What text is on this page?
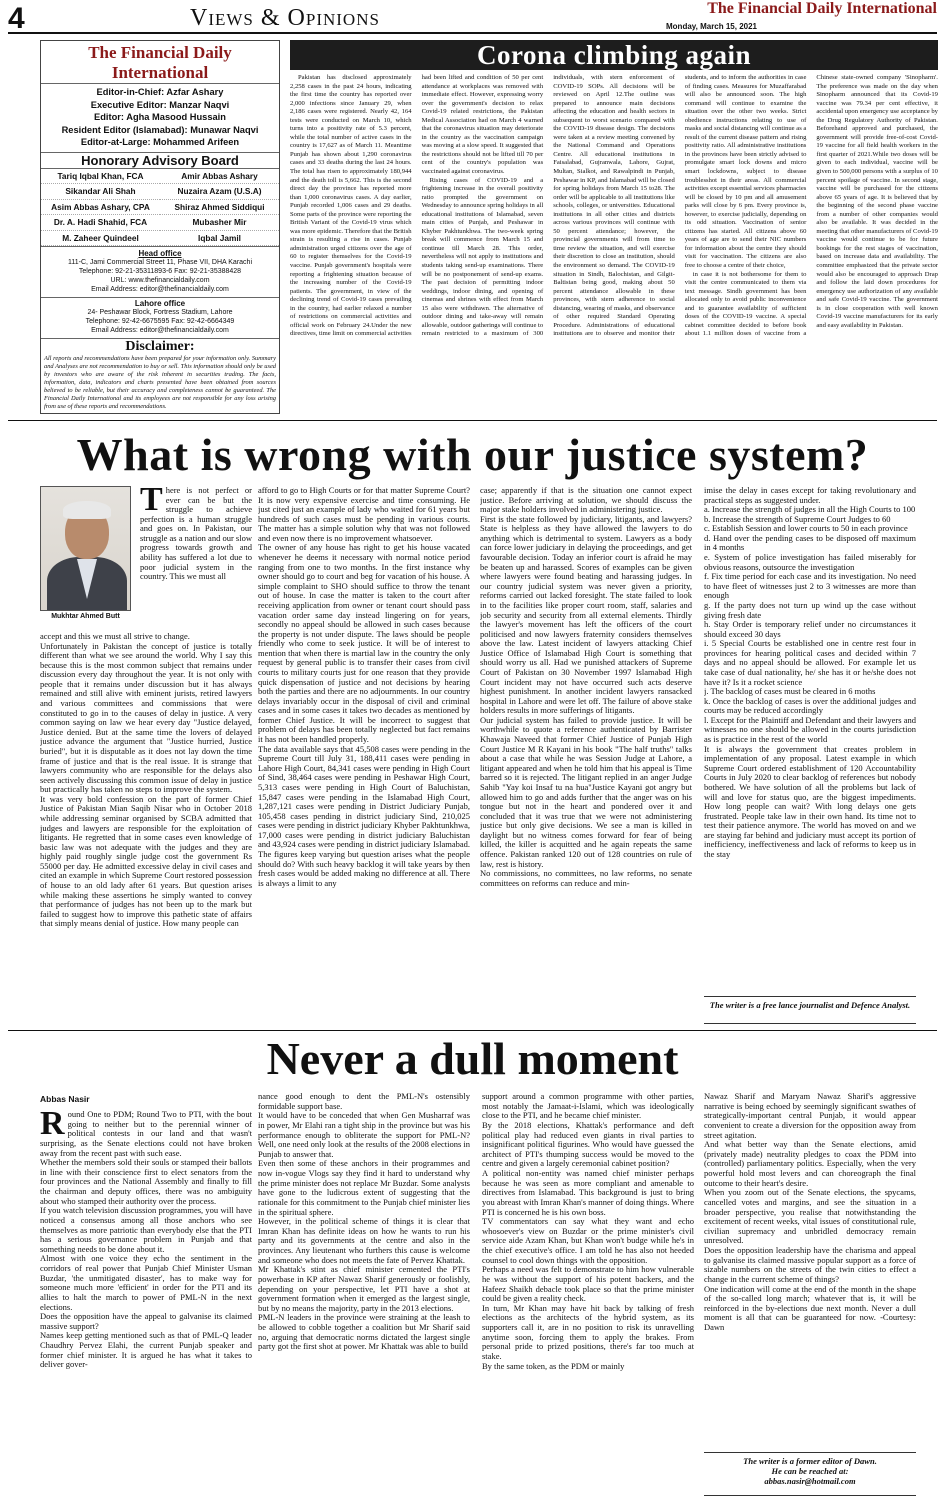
4	Views & Opinions	The Financial Daily International
Monday, March 15, 2021
The Financial Daily International
Editor-in-Chief: Azfar Ashary
Executive Editor: Manzar Naqvi
Editor: Agha Masood Hussain
Resident Editor (Islamabad): Munawar Naqvi
Editor-at-Large: Mohammed Arifeen
Honorary Advisory Board
Tariq Iqbal Khan, FCA	Amir Abbas Ashary
Sikandar Ali Shah	Nuzaira Azam (U.S.A)
Asim Abbas Ashary, CPA	Shiraz Ahmed Siddiqui
Dr. A. Hadi Shahid, FCA	Mubasher Mir
M. Zaheer Quindeel	Iqbal Jamil
Head office
111-C, Jami Commercial Street 11, Phase VII, DHA Karachi
Telephone: 92-21-35311893-6 Fax: 92-21-35388428
URL: www.thefinancialdaily.com
Email Address: editor@thefinancialdaily.com
Lahore office
24- Peshawar Block, Fortress Stadium, Lahore
Telephone: 92-42-6675595 Fax: 92-42-6664349
Email Address: editor@thefinancialdaily.com
Disclaimer:
All reports and recommendations have been prepared for your information only. Summary and Analyses are not recommendation to buy or sell. This information should only be used by investors who are aware of the risk inherent in securities trading. The facts, information, data, indicators and charts presented have been obtained from sources believed to be reliable, but their accuracy and completeness cannot be guaranteed. The Financial Daily International and its employees are not responsible for any loss arising from use of these reports and recommendations.
Corona climbing again

Pakistan has disclosed approximately 2,258 cases in the past 24 hours, indicating the first time the country has reported over 2,000 infections since January 29, when 2,186 cases were registered. Nearly 42, 164 tests were conducted on March 10, which turns into a positivity rate of 5.3 percent, while the total number of active cases in the country is 17,627 as of March 11. Meantime Punjab has shown about 1,290 coronavirus cases and 33 deaths during the last 24 hours. The total has risen to approximately 180,944 and the death toll is 5,662. This is the second direct day the province has reported more than 1,000 coronavirus cases. A day earlier, Punjab recorded 1,006 cases and 29 deaths. Some parts of the province were reporting the British Variant of the Covid-19 virus which was more epidemic. Therefore that the British strain is resulting a rise in cases. Punjab administration urged citizens over the age of 60 to register themselves for the Covid-19 vaccine. Punjab government's hospitals were reporting a frightening situation because of the increasing number of the Covid-19 patients. The government, in view of the declining trend of Covid-19 cases prevailing in the country, had earlier relaxed a number of restrictions on commercial activities and official work on February 24.Under the new directives, time limit on commercial activities had been lifted and condition of 50 per cent attendance at workplaces was removed with immediate effect. However, expressing worry over the government's decision to relax Covid-19 related restrictions, the Pakistan Medical Association had on March 4 warned that the coronavirus situation may deteriorate in the country as the vaccination campaign was moving at a slow speed. It suggested that the restrictions should not be lifted till 70 per cent of the country's population was vaccinated against coronavirus.

Rising cases of COVID-19 and a frightening increase in the overall positivity ratio prompted the government on Wednesday to announce spring holidays in all educational institutions of Islamabad, seven main cities of Punjab, and Peshawar in Khyber Pakhtunkhwa. The two-week spring break will commence from March 15 and continue till March 28. This order, nevertheless will not apply to institutions and students taking send-up examinations. There will be no postponement of send-up exams. The past decision of permitting indoor weddings, indoor dining, and opening of cinemas and shrines with effect from March 15 also were withdrawn. The alternative of outdoor dining and take-away will remain allowable, outdoor gatherings will continue to remain restricted to a maximum of 300 individuals, with stern enforcement of COVID-19 SOPs. All decisions will be reviewed on April 12.The outline was prepared to announce main decisions affecting the education and health sectors in subsequent to worst scenario compared with the COVID-19 disease design. The decisions were taken at a review meeting convened by the National Command and Operations Centre. All educational institutions in Faisalabad, Gujranwala, Lahore, Gujrat, Multan, Sialkot, and Rawalpindi in Punjab, Peshawar in KP, and Islamabad will be closed for spring holidays from March 15 to28. The order will be applicable to all institutions like schools, colleges, or universities. Educational institutions in all other cities and districts across various provinces will continue with 50 percent attendance; however, the provincial governments will from time to time review the situation, and will exercise their discretion to close an institution, should the environment so demand. The COVID-19 situation in Sindh, Balochistan, and Gilgit-Baltistan being good, making about 50 percent attendance allowable in these provinces, with stern adherence to social distancing, wearing of masks, and observance of other required Standard Operating Procedure. Administrations of educational institutions are to observe and monitor their students, and to inform the authorities in case of finding cases. Measures for Muzaffarabad will also be announced soon. The high command will continue to examine the situation over the other two weeks. Strict obedience instructions relating to use of masks and social distancing will continue as a result of the current disease pattern and rising positivity ratio. All administrative institutions in the provinces have been strictly advised to promulgate smart lock downs and micro smart lockdowns, subject to disease troublesshot in their areas. All commercial activities except essential services pharmacies will be closed by 10 pm and all amusement parks will close by 6 pm. Every province is, however, to exercise judicially, depending on its odd situation. Vaccination of senior citizens has started. All citizens above 60 years of age are to send their NIC numbers for information about the centre they should visit for vaccination. The citizens are also free to choose a centre of their choice,

in case it is not bothersome for them to visit the centre communicated to them via text message. Sindh government has been allocated only to avoid public inconvenience and to guarantee availability of sufficient doses of the COVID-19 vaccine. A special cabinet committee decided to before book about 1.1 million doses of vaccine from a Chinese state-owned company 'Sinopharm'. The preference was made on the day when Sinopharm announced that its Covid-19 vaccine was 79.34 per cent effective, it accidental upon emergency use acceptance by the Drug Regulatory Authority of Pakistan. Beforehand approved and purchased, the government will provide free-of-cost Covid-19 vaccine for all field health workers in the first quarter of 2021.While two doses will be given to each individual, vaccine will be given to 500,000 persons with a surplus of 10 percent spoilage of vaccine. In second stage, vaccine will be purchased for the citizens above 65 years of age. It is believed that by the beginning of the second phase vaccine from a number of other companies would also be available. It was decided in the meeting that other manufacturers of Covid-19 vaccine would continue to be for future bookings for the rest stages of vaccination, based on increase data and availability. The committee emphasized that the private sector would also be encouraged to approach Drap and follow the laid down procedures for emergency use authorization of any available and safe Covid-19 vaccine. The government is in close cooperation with well known Covid-19 vaccine manufacturers for its early and easy availability in Pakistan.

What is wrong with our justice system?
Mukhtar Ahmed Butt
There is not perfect or ever can be but the struggle to achieve perfection is a human struggle and goes on. In Pakistan, our struggle as a nation and our slow progress towards growth and ability has suffered a lot due to poor judicial system in the country. This we must all
accept and this we must all strive to change.
Unfortunately in Pakistan the concept of justice is totally different than what we see around the world. Why I say this because this is the most common subject that remains under discussion every day throughout the year. It is not only with people that it remains under discussion but it has always remained and still alive with eminent jurists, retired lawyers and various committees and commissions that were constituted to go in to the causes of delay in justice. A very common saying on law we hear every day "Justice delayed, Justice denied. But at the same time the lovers of delayed justice advance the argument that "Justice hurried, Justice buried", but it is disputable as it does not lay down the time frame of justice and that is the real issue. It is strange that lawyers community who are responsible for the delays also seen actively discussing this common issue of delay in justice but practically has taken no steps to improve the system.
It was very bold confession on the part of former Chief Justice of Pakistan Mian Saqib Nisar who in October 2018 while addressing seminar organised by SCBA admitted that judges and lawyers are responsible for the exploitation of litigants. He regretted that in some cases even knowledge of basic law was not adequate with the judges and they are highly paid roughly single judge cost the government Rs 55000 per day. He admitted excessive delay in civil cases and cited an example in which Supreme Court restored possession of house to an old lady after 61 years. But question arises while making these assertions he simply wanted to convey that performance of judges has not been up to the mark but failed to suggest how to improve this pathetic state of affairs that simply means denial of justice. How many people can
afford to go to High Courts or for that matter Supreme Court? It is now very expensive exercise and time consuming. He just cited just an example of lady who waited for 61 years but hundreds of such cases must be pending in various courts. The matter has a simple solution why that was not followed and even now there is no improvement whatsoever.
The owner of any house has right to get his house vacated whenever he deems it necessary with normal notice period ranging from one to two months. In the first instance why owner should go to court and beg for vacation of his house. A simple complaint to SHO should suffice to throw the tenant out of house. In case the matter is taken to the court after receiving application from owner or tenant court should pass vacation order same day instead lingering on for years, secondly no appeal should be allowed in such cases because the property is not under dispute. The laws should be people friendly who come to seek justice. It will be of interest to mention that when there is martial law in the country the only request by general public is to transfer their cases from civil courts to military courts just for one reason that they provide quick dispensation of justice and not decisions by hearing both the parties and there are no adjournments. In our country delays invariably occur in the disposal of civil and criminal cases and in some cases it takes two decades as mentioned by former Chief Justice. It will be incorrect to suggest that problem of delays has been totally neglected but fact remains it has not been handled properly.
The data available says that 45,508 cases were pending in the Supreme Court till July 31, 188,411 cases were pending in Lahore High Court, 84,341 cases were pending in High Court of Sind, 38,464 cases were pending in Peshawar High Court, 5,313 cases were pending in High Court of Baluchistan, 15,847 cases were pending in the Islamabad High Court, 1,287,121 cases were pending in District Judiciary Punjab, 105,458 cases pending in district judiciary Sind, 210,025 cases were pending in district judiciary Khyber Pakhtunkhwa, 17,000 cases were pending in district judiciary Baluchistan and 43,924 cases were pending in district judiciary Islamabad. The figures keep varying but question arises what the people should do? With such heavy backlog it will take years by then fresh cases would be added making no difference at all. There is always a limit to any
case; apparently if that is the situation one cannot expect justice. Before arriving at solution, we should discuss the major stake holders involved in administering justice.
First is the state followed by judiciary, litigants, and lawyers? State is helpless as they have allowed the lawyers to do anything which is detrimental to system. Lawyers as a body can force lower judiciary in delaying the proceedings, and get favourable decision. Today an inferior court is afraid he may be beaten up and harassed. Scores of examples can be given where lawyers were found beating and harassing judges. In our country judicial system was never given a priority, reforms carried out lacked foresight. The state failed to look in to the facilities like proper court room, staff, salaries and job security and security from all external elements. Thirdly the lawyer's movement has left the officers of the court politicised and now lawyers fraternity considers themselves above the law. Latest incident of lawyers attacking Chief Justice Office of Islamabad High Court is something that should worry us all. Had we punished attackers of Supreme Court of Pakistan on 30 November 1997 Islamabad High Court incident may not have occurred such acts deserve highest punishment. In another incident lawyers ransacked hospital in Lahore and were let off. The failure of above stake holders results in more sufferings of litigants.
Our judicial system has failed to provide justice. It will be worthwhile to quote a reference authenticated by Barrister Khawaja Naveed that former Chief Justice of Punjab High Court Justice M R Kayani in his book "The half truths" talks about a case that while he was Session Judge at Lahore, a litigant appeared and when he told him that his appeal is Time barred so it is rejected. The litigant replied in an anger Judge Sahib "Yay koi Insaf tu na hua"Justice Kayani got angry but allowed him to go and adds further that the anger was on his tongue but not in the heart and pondered over it and concluded that it was true that we were not administering justice but only give decisions. We see a man is killed in daylight but no witness comes forward for fear of being killed, the killer is acquitted and he again repeats the same offence. Pakistan ranked 120 out of 128 countries on rule of law, rest is history.
No commissions, no committees, no law reforms, no senate committees on reforms can reduce and min-
imise the delay in cases except for taking revolutionary and practical steps as suggested under.
a. Increase the strength of judges in all the High Courts to 100
b. Increase the strength of Supreme Court Judges to 60
c. Establish Session and lower courts to 50 in each province
d. Hand over the pending cases to be disposed off maximum in 4 months
e. System of police investigation has failed miserably for obvious reasons, outsource the investigation
f. Fix time period for each case and its investigation. No need to have fleet of witnesses just 2 to 3 witnesses are more than enough
g. If the party does not turn up wind up the case without giving fresh date
h. Stay Order is temporary relief under no circumstances it should exceed 30 days
i. 5 Special Courts be established one in centre rest four in provinces for hearing political cases and decided within 7 days and no appeal should be allowed. For example let us take case of dual nationality, he/ she has it or he/she does not have it? Is it a rocket science
j. The backlog of cases must be cleared in 6 moths
k. Once the backlog of cases is over the additional judges and courts may be reduced accordingly
l. Except for the Plaintiff and Defendant and their lawyers and witnesses no one should be allowed in the courts jurisdiction as is practice in the rest of the world
It is always the government that creates problem in implementation of any proposal. Latest example in which Supreme Court ordered establishment of 120 Accountability Courts in July 2020 to clear backlog of references but nobody bothered. We have solution of all the problems but lack of will and love for status quo, are the biggest impediments. How long people can wait? With long delays one gets frustrated. People take law in their own hand. Its time not to test their patience anymore. The world has moved on and we are staying far behind and judiciary must accept its portion of inefficiency, ineffectiveness and lack of reforms to keep us in the stay
The writer is a free lance journalist and Defence Analyst.
Never a dull moment
Abbas Nasir
Round One to PDM; Round Two to PTI, with the bout going to neither but to the perennial winner of political contests in our land and that wasn't surprising, as the Senate elections could not have broken away from the recent past with such ease.
Whether the members sold their souls or stamped their ballots in line with their conscience first to elect senators from the four provinces and the National Assembly and finally to fill the chairman and deputy offices, there was no ambiguity about who stamped their authority over the process.
If you watch television discussion programmes, you will have noticed a consensus among all those anchors who see themselves as more patriotic than everybody else that the PTI has a serious governance problem in Punjab and that something needs to be done about it.
Almost with one voice they echo the sentiment in the corridors of real power that Punjab Chief Minister Usman Buzdar, 'the unmitigated disaster', has to make way for someone much more 'efficient' in order for the PTI and its allies to halt the march to power of PML-N in the next elections.
Does the opposition have the appeal to galvanise its claimed massive support?
Names keep getting mentioned such as that of PML-Q leader Chaudhry Pervez Elahi, the current Punjab speaker and former chief minister. It is argued he has what it takes to deliver gover-
nance good enough to dent the PML-N's ostensibly formidable support base.
It would have to be conceded that when Gen Musharraf was in power, Mr Elahi ran a tight ship in the province but was his performance enough to obliterate the support for PML-N? Well, one need only look at the results of the 2008 elections in Punjab to answer that.
Even then some of these anchors in their programmes and now in-vogue Vlogs say they find it hard to understand why the prime minister does not replace Mr Buzdar. Some analysts have gone to the ludicrous extent of suggesting that the rationale for this commitment to the Punjab chief minister lies in the spiritual sphere.
However, in the political scheme of things it is clear that Imran Khan has definite ideas on how he wants to run his party and its governments at the centre and also in the provinces. Any lieutenant who furthers this cause is welcome and someone who does not meets the fate of Pervez Khattak.
Mr Khattak's stint as chief minister cemented the PTI's powerbase in KP after Nawaz Sharif generously or foolishly, depending on your perspective, let PTI have a shot at government formation when it emerged as the largest single, but by no means the majority, party in the 2013 elections.
PML-N leaders in the province were straining at the leash to be allowed to cobble together a coalition but Mr Sharif said no, arguing that democratic norms dictated the largest single party got the first shot at power. Mr Khattak was able to build
support around a common programme with other parties, most notably the Jamaat-i-Islami, which was ideologically close to the PTI, and he became chief minister.
By the 2018 elections, Khattak's performance and deft political play had reduced even giants in rival parties to insignificant political figurines. Who would have guessed the architect of PTI's thumping success would be moved to the centre and given a largely ceremonial cabinet position?
A political non-entity was named chief minister perhaps because he was seen as more compliant and amenable to directives from Islamabad. This background is just to bring you abreast with Imran Khan's manner of doing things. Where PTI is concerned he is his own boss.
TV commentators can say what they want and echo whosoever's view on Buzdar or the prime minister's civil service aide Azam Khan, but Khan won't budge while he's in the chief executive's office. I am told he has also not heeded counsel to cool down things with the opposition.
Perhaps a need was felt to demonstrate to him how vulnerable he was without the support of his potent backers, and the Hafeez Shaikh debacle took place so that the prime minister could be given a reality check.
In turn, Mr Khan may have hit back by talking of fresh elections as the architects of the hybrid system, as its supporters call it, are in no position to risk its unravelling anytime soon, forcing them to apply the brakes. From personal pride to prized positions, there's far too much at stake.
By the same token, as the PDM or mainly
Nawaz Sharif and Maryam Nawaz Sharif's aggressive narrative is being echoed by seemingly significant swathes of strategically-important central Punjab, it would appear convenient to create a diversion for the opposition away from street agitation.
And what better way than the Senate elections, amid (privately made) neutrality pledges to coax the PDM into (controlled) parliamentary politics. Especially, when the very powerful hold most levers and can choreograph the final outcome to their heart's desire.
When you zoom out of the Senate elections, the spycams, cancelled votes and margins, and see the situation in a broader perspective, you realise that notwithstanding the excitement of recent weeks, vital issues of constitutional rule, civilian supremacy and unbridled democracy remain unresolved.
Does the opposition leadership have the charisma and appeal to galvanise its claimed massive popular support as a force of sizable numbers on the streets of the twin cities to effect a change in the current scheme of things?
One indication will come at the end of the month in the shape of the so-called long march; whatever that is, it will be reinforced in the by-elections due next month. Never a dull moment is all that can be guaranteed for now. -Courtesy: Dawn
The writer is a former editor of Dawn.
He can be reached at:
abbas.nasir@hotmail.com
